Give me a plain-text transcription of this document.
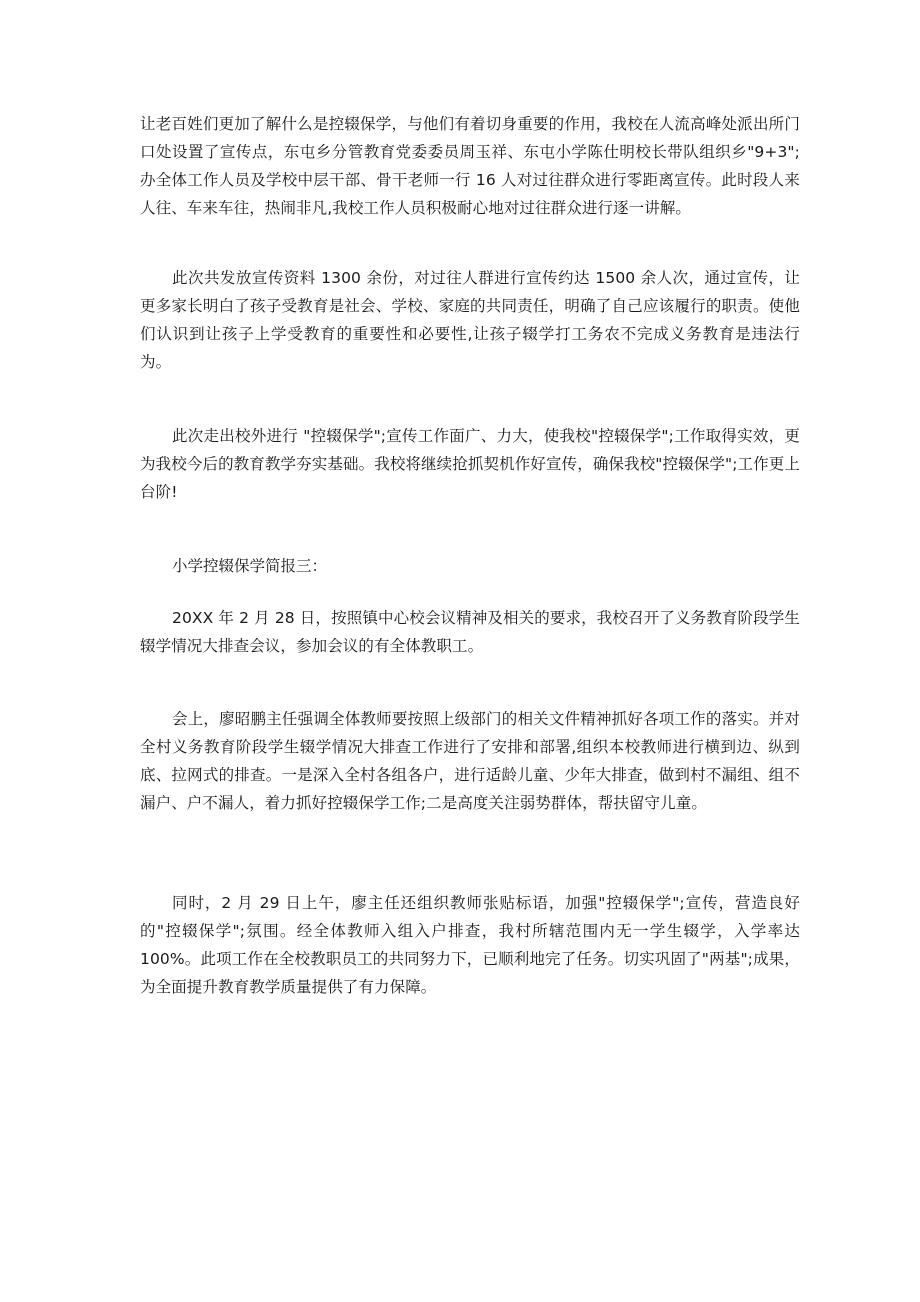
让老百姓们更加了解什么是控辍保学，与他们有着切身重要的作用，我校在人流高峰处派出所门口处设置了宣传点，东屯乡分管教育党委委员周玉祥、东屯小学陈仕明校长带队组织乡"9+3";办全体工作人员及学校中层干部、骨干老师一行 16 人对过往群众进行零距离宣传。此时段人来人往、车来车往，热闹非凡,我校工作人员积极耐心地对过往群众进行逐一讲解。

此次共发放宣传资料 1300 余份，对过往人群进行宣传约达 1500 余人次，通过宣传，让更多家长明白了孩子受教育是社会、学校、家庭的共同责任，明确了自己应该履行的职责。使他们认识到让孩子上学受教育的重要性和必要性,让孩子辍学打工务农不完成义务教育是违法行为。

此次走出校外进行 "控辍保学";宣传工作面广、力大，使我校"控辍保学";工作取得实效，更为我校今后的教育教学夯实基础。我校将继续抢抓契机作好宣传，确保我校"控辍保学";工作更上台阶!

小学控辍保学简报三：

20XX 年 2 月 28 日，按照镇中心校会议精神及相关的要求，我校召开了义务教育阶段学生辍学情况大排查会议，参加会议的有全体教职工。

会上，廖昭鹏主任强调全体教师要按照上级部门的相关文件精神抓好各项工作的落实。并对全村义务教育阶段学生辍学情况大排查工作进行了安排和部署,组织本校教师进行横到边、纵到底、拉网式的排查。一是深入全村各组各户，进行适龄儿童、少年大排查，做到村不漏组、组不漏户、户不漏人，着力抓好控辍保学工作;二是高度关注弱势群体，帮扶留守儿童。

同时，2 月 29 日上午，廖主任还组织教师张贴标语，加强"控辍保学";宣传，营造良好的"控辍保学";氛围。经全体教师入组入户排查，我村所辖范围内无一学生辍学，入学率达100%。此项工作在全校教职员工的共同努力下，已顺利地完了任务。切实巩固了"两基";成果，为全面提升教育教学质量提供了有力保障。
